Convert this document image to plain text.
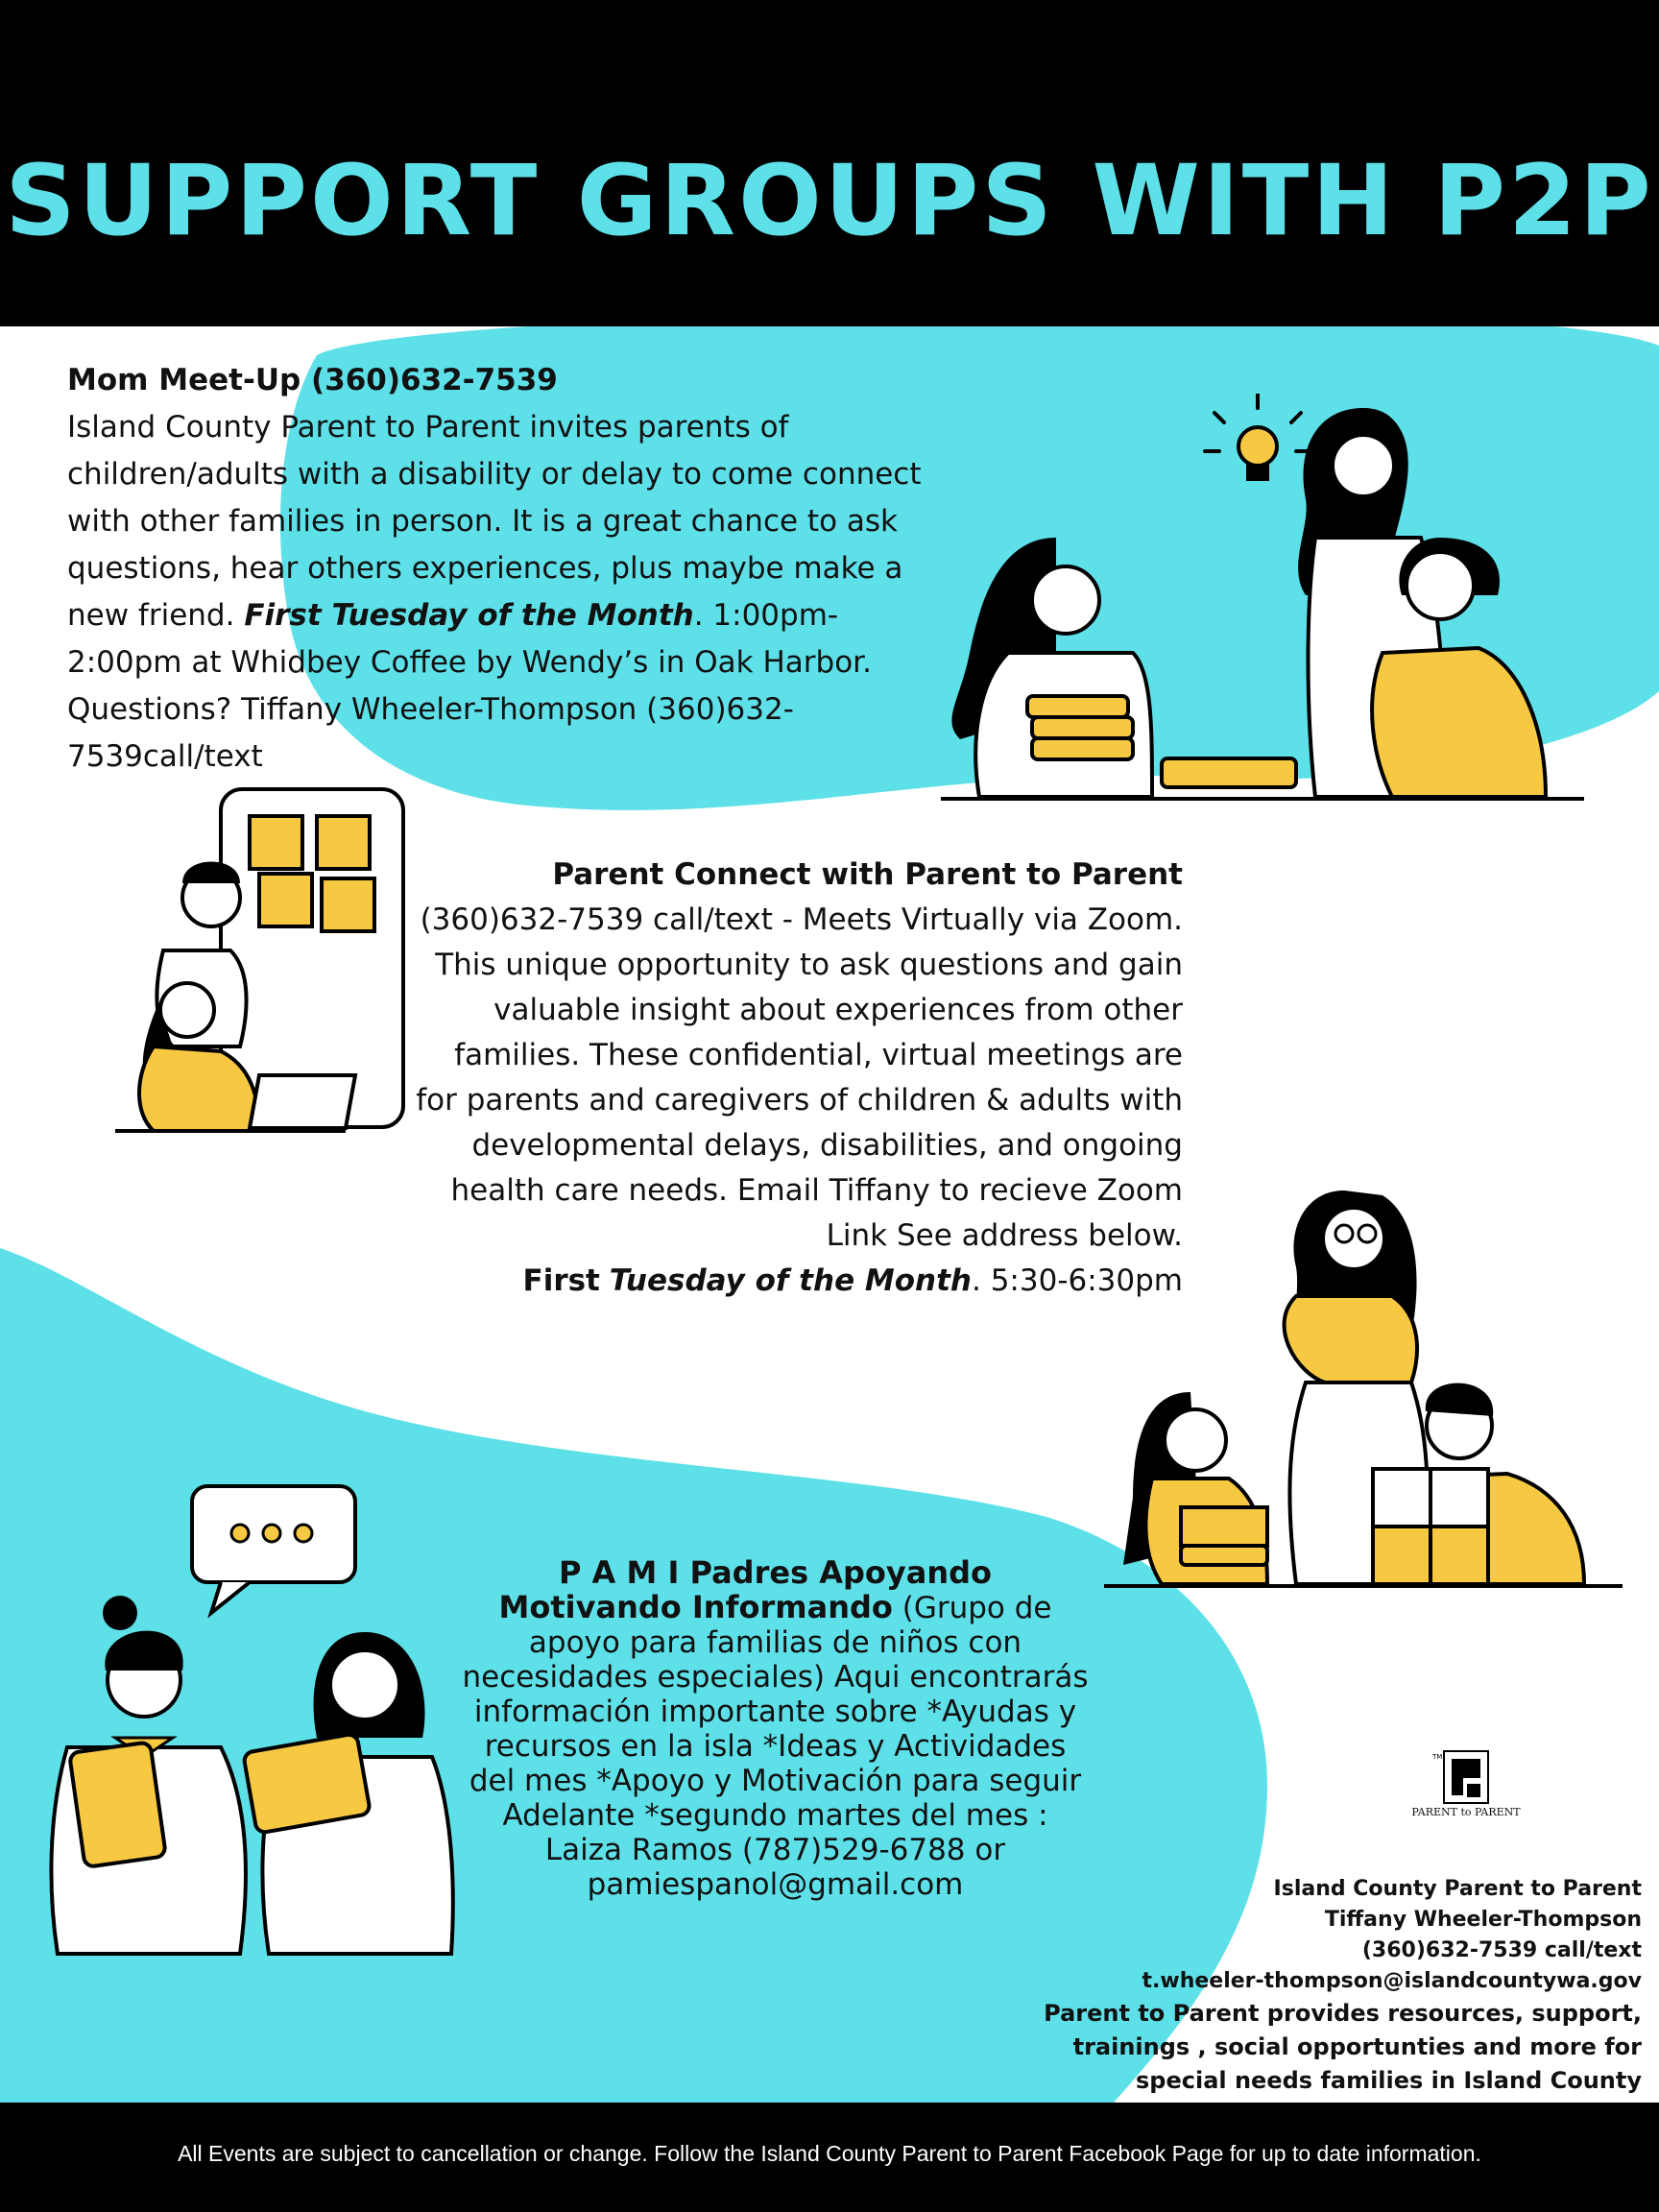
SUPPORT GROUPS WITH P2P
Mom Meet-Up (360)632-7539
Island County Parent to Parent invites parents of children/adults with a disability or delay to come connect with other families in person. It is a great chance to ask questions, hear others experiences, plus maybe make a new friend. First Tuesday of the Month. 1:00pm-2:00pm at Whidbey Coffee by Wendy’s in Oak Harbor. Questions? Tiffany Wheeler-Thompson (360)632-7539call/text
Parent Connect with Parent to Parent
(360)632-7539 call/text - Meets Virtually via Zoom. This unique opportunity to ask questions and gain valuable insight about experiences from other families. These confidential, virtual meetings are for parents and caregivers of children & adults with developmental delays, disabilities, and ongoing health care needs. Email Tiffany to recieve Zoom Link See address below.
First Tuesday of the Month. 5:30-6:30pm
P A M I Padres Apoyando
Motivando Informando (Grupo de apoyo para familias de niños con necesidades especiales) Aqui encontrarás información importante sobre *Ayudas y recursos en la isla *Ideas y Actividades del mes *Apoyo y Motivación para seguir Adelante *segundo martes del mes : Laiza Ramos (787)529-6788 or pamiespanol@gmail.com
TM
PARENT to PARENT
Island County Parent to Parent
Tiffany Wheeler-Thompson
(360)632-7539 call/text
t.wheeler-thompson@islandcountywa.gov
Parent to Parent provides resources, support,
trainings , social opportunties and more for
special needs families in Island County
All Events are subject to cancellation or change. Follow the Island County Parent to Parent Facebook Page for up to date information.
